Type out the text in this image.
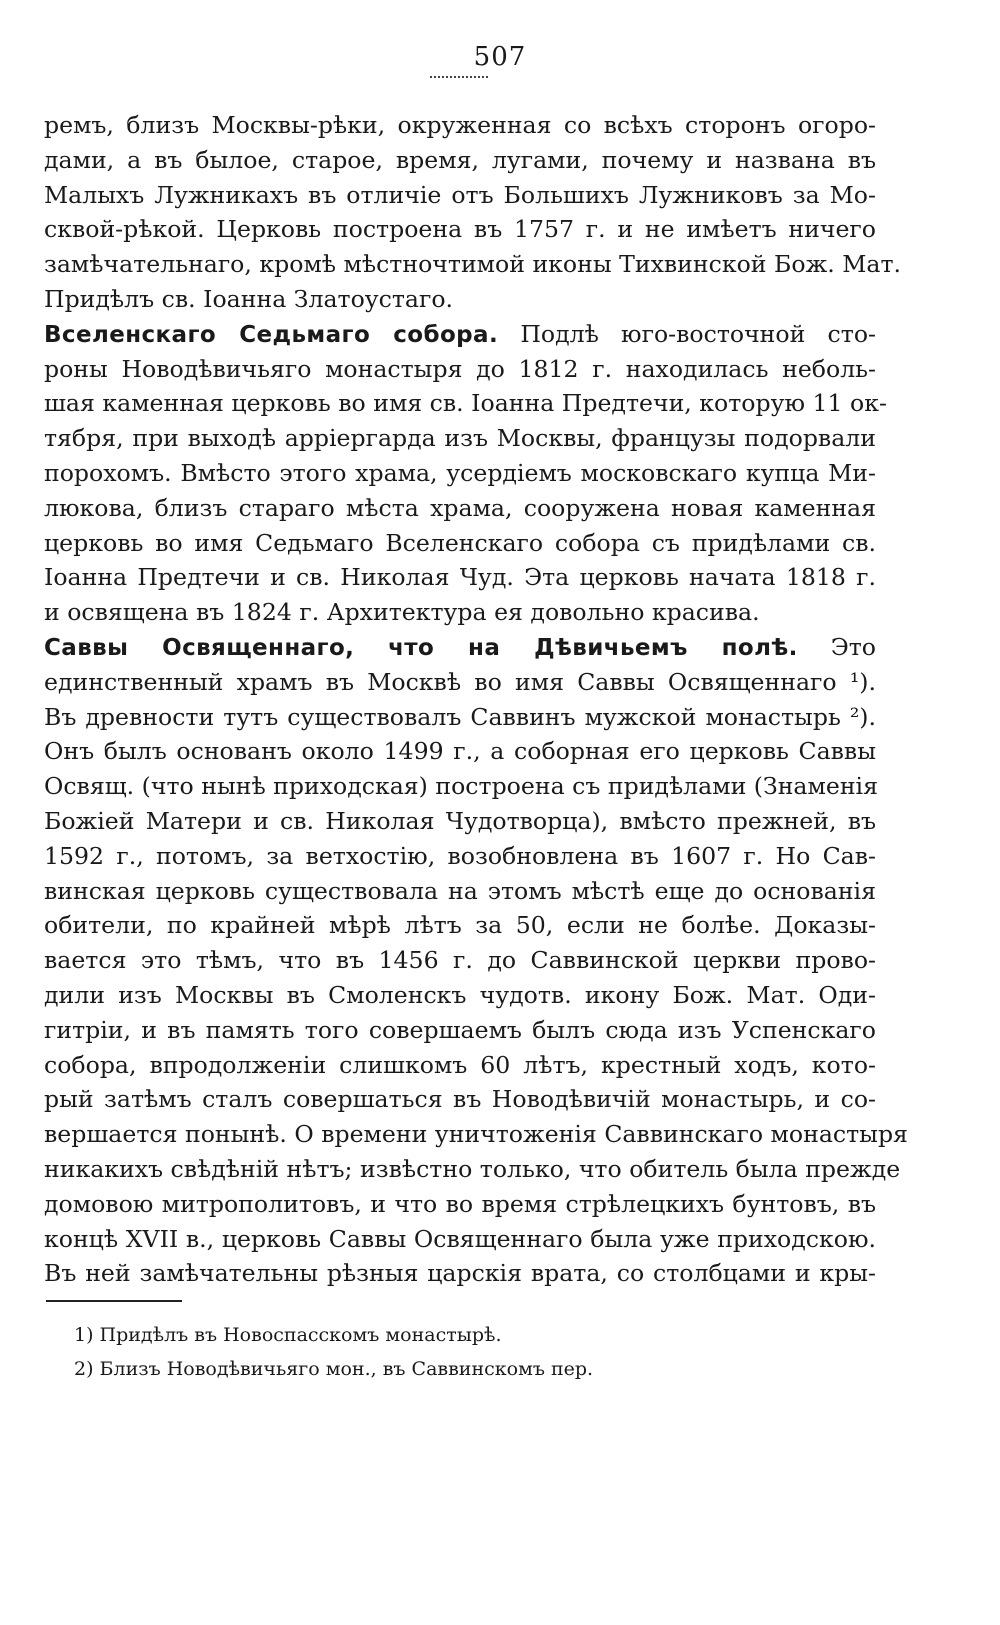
507
ремъ, близъ Москвы-рѣки, окруженная со всѣхъ сторонъ огоро-
дами, а въ былое, старое, время, лугами, почему и названа въ
Малыхъ Лужникахъ въ отличіе отъ Большихъ Лужниковъ за Мо-
сквой-рѣкой. Церковь построена въ 1757 г. и не имѣетъ ничего
замѣчательнаго, кромѣ мѣстночтимой иконы Тихвинской Бож. Мат.
Придѣлъ св. Іоанна Златоустаго.
Вселенскаго Седьмаго собора. Подлѣ юго-восточной сто-
роны Новодѣвичьяго монастыря до 1812 г. находилась неболь-
шая каменная церковь во имя св. Іоанна Предтечи, которую 11 ок-
тября, при выходѣ арріергарда изъ Москвы, французы подорвали
порохомъ. Вмѣсто этого храма, усердіемъ московскаго купца Ми-
люкова, близъ стараго мѣста храма, сооружена новая каменная
церковь во имя Седьмаго Вселенскаго собора съ придѣлами св.
Іоанна Предтечи и св. Николая Чуд. Эта церковь начата 1818 г.
и освящена въ 1824 г. Архитектура ея довольно красива.
Саввы Освященнаго, что на Дѣвичьемъ полѣ. Это
единственный храмъ въ Москвѣ во имя Саввы Освященнаго ¹).
Въ древности тутъ существовалъ Саввинъ мужской монастырь ²).
Онъ былъ основанъ около 1499 г., а соборная его церковь Саввы
Освящ. (что нынѣ приходская) построена съ придѣлами (Знаменія
Божіей Матери и св. Николая Чудотворца), вмѣсто прежней, въ
1592 г., потомъ, за ветхостію, возобновлена въ 1607 г. Но Сав-
винская церковь существовала на этомъ мѣстѣ еще до основанія
обители, по крайней мѣрѣ лѣтъ за 50, если не болѣе. Доказы-
вается это тѣмъ, что въ 1456 г. до Саввинской церкви прово-
дили изъ Москвы въ Смоленскъ чудотв. икону Бож. Мат. Оди-
гитріи, и въ память того совершаемъ былъ сюда изъ Успенскаго
собора, впродолженіи слишкомъ 60 лѣтъ, крестный ходъ, кото-
рый затѣмъ сталъ совершаться въ Новодѣвичій монастырь, и со-
вершается понынѣ. О времени уничтоженія Саввинскаго монастыря
никакихъ свѣдѣній нѣтъ; извѣстно только, что обитель была прежде
домовою митрополитовъ, и что во время стрѣлецкихъ бунтовъ, въ
концѣ XVII в., церковь Саввы Освященнаго была уже приходскою.
Въ ней замѣчательны рѣзныя царскія врата, со столбцами и кры-
1) Придѣлъ въ Новоспасскомъ монастырѣ.
2) Близъ Новодѣвичьяго мон., въ Саввинскомъ пер.
